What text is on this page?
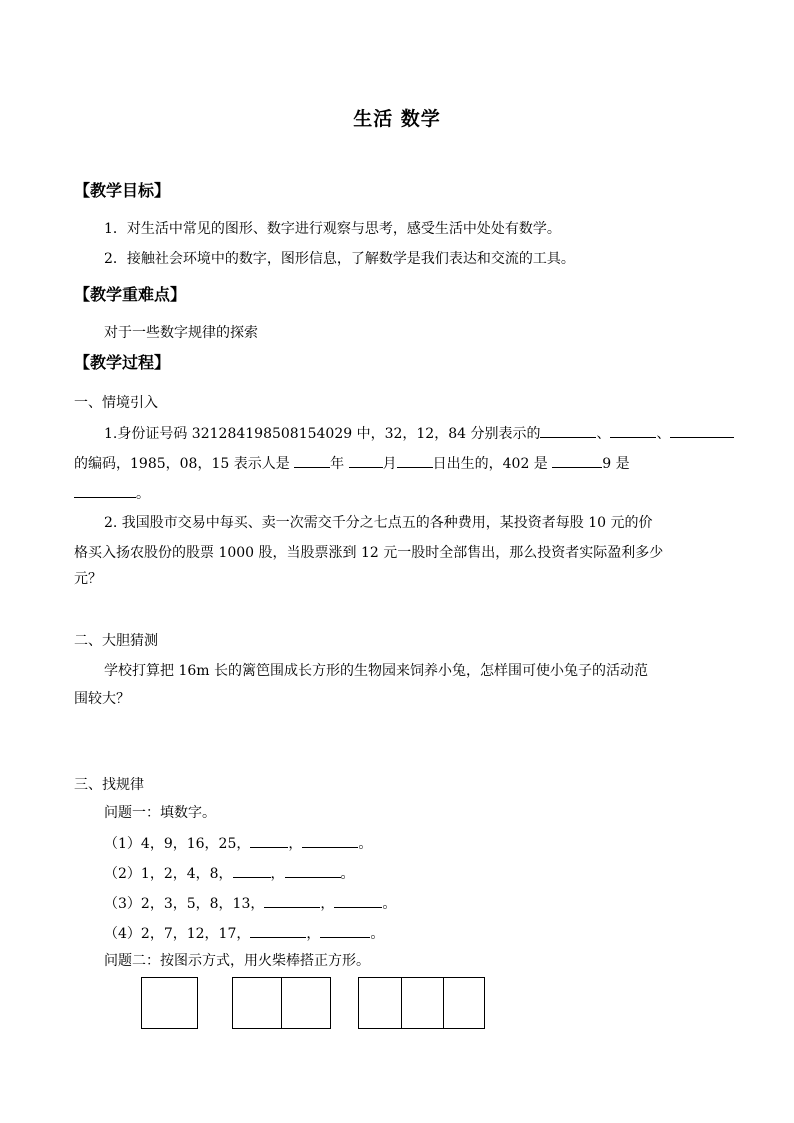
生活 数学
【教学目标】
1．对生活中常见的图形、数字进行观察与思考，感受生活中处处有数学。
2．接触社会环境中的数字，图形信息，了解数学是我们表达和交流的工具。
【教学重难点】
对于一些数字规律的探索
【教学过程】
一、情境引入
1.身份证号码 321284198508154029 中，32，12，84 分别表示的	、	、
的编码，1985，08，15 表示人是	年	月	日出生的，402 是	9 是
。
2. 我国股市交易中每买、卖一次需交千分之七点五的各种费用，某投资者每股 10 元的价
格买入扬农股份的股票 1000 股，当股票涨到 12 元一股时全部售出，那么投资者实际盈利多少
元？
二、大胆猜测
学校打算把 16m 长的篱笆围成长方形的生物园来饲养小兔，怎样围可使小兔子的活动范
围较大？
三、找规律
问题一：填数字。
（1）4，9，16，25，	，	。
（2）1，2，4，8，	，	。
（3）2，3，5，8，13，	，	。
（4）2，7，12，17，	，	。
问题二：按图示方式，用火柴棒搭正方形。
